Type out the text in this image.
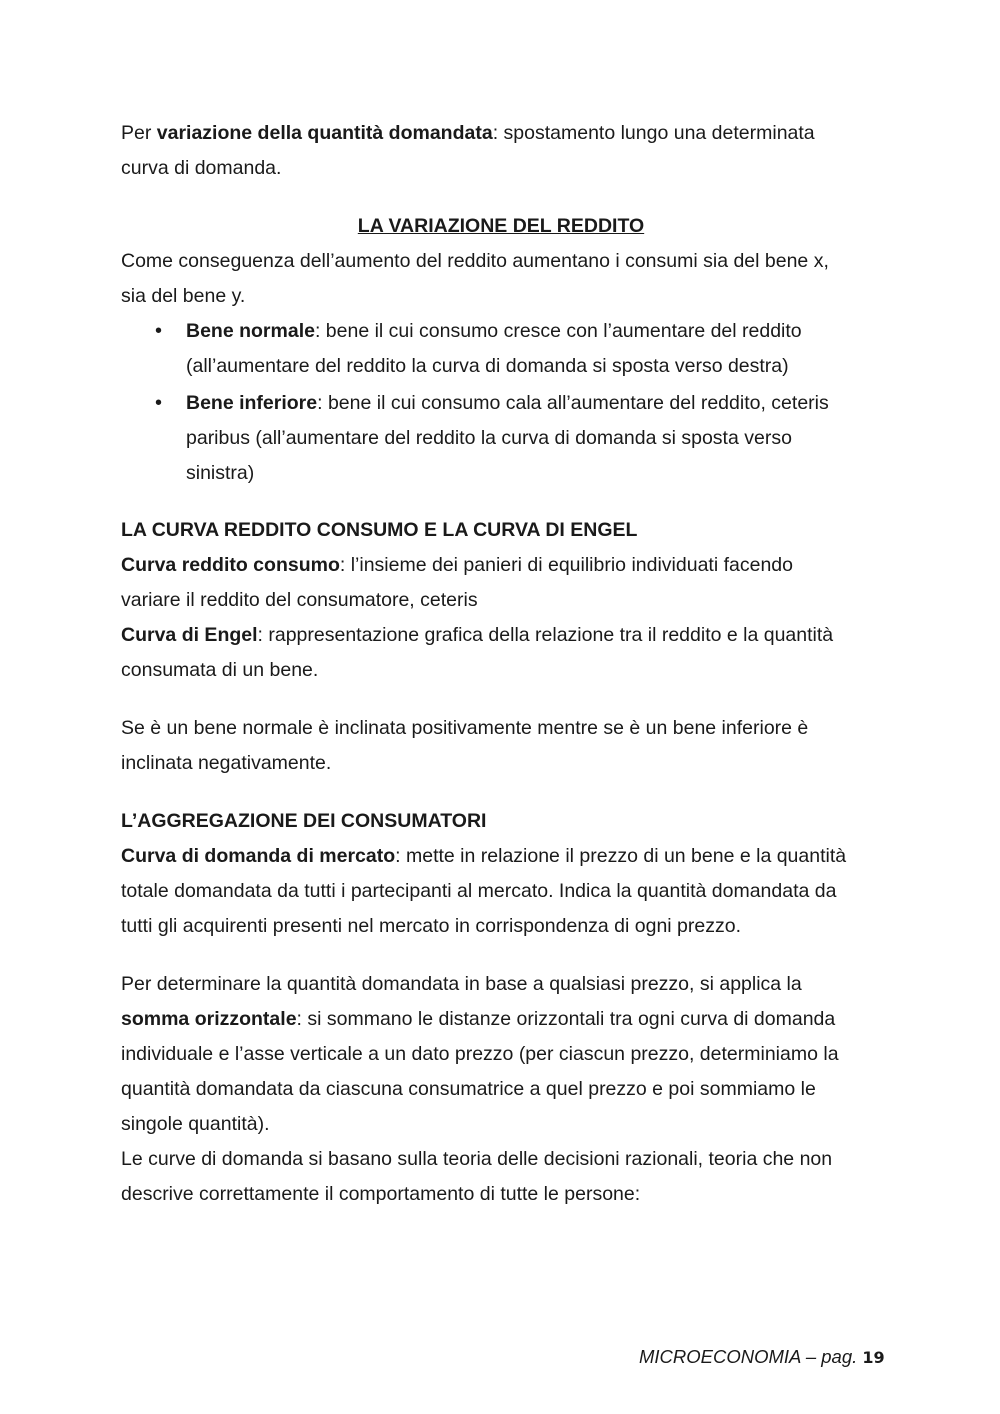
Per variazione della quantità domandata: spostamento lungo una determinata
curva di domanda.
LA VARIAZIONE DEL REDDITO
Come conseguenza dell’aumento del reddito aumentano i consumi sia del bene x,
sia del bene y.
• Bene normale: bene il cui consumo cresce con l’aumentare del reddito
(all’aumentare del reddito la curva di domanda si sposta verso destra)
• Bene inferiore: bene il cui consumo cala all’aumentare del reddito, ceteris
paribus (all’aumentare del reddito la curva di domanda si sposta verso
sinistra)
LA CURVA REDDITO CONSUMO E LA CURVA DI ENGEL
Curva reddito consumo: l’insieme dei panieri di equilibrio individuati facendo
variare il reddito del consumatore, ceteris
Curva di Engel: rappresentazione grafica della relazione tra il reddito e la quantità
consumata di un bene.
Se è un bene normale è inclinata positivamente mentre se è un bene inferiore è
inclinata negativamente.
L’AGGREGAZIONE DEI CONSUMATORI
Curva di domanda di mercato: mette in relazione il prezzo di un bene e la quantità
totale domandata da tutti i partecipanti al mercato. Indica la quantità domandata da
tutti gli acquirenti presenti nel mercato in corrispondenza di ogni prezzo.
Per determinare la quantità domandata in base a qualsiasi prezzo, si applica la
somma orizzontale: si sommano le distanze orizzontali tra ogni curva di domanda
individuale e l’asse verticale a un dato prezzo (per ciascun prezzo, determiniamo la
quantità domandata da ciascuna consumatrice a quel prezzo e poi sommiamo le
singole quantità).
Le curve di domanda si basano sulla teoria delle decisioni razionali, teoria che non
descrive correttamente il comportamento di tutte le persone:
MICROECONOMIA – pag. 19
